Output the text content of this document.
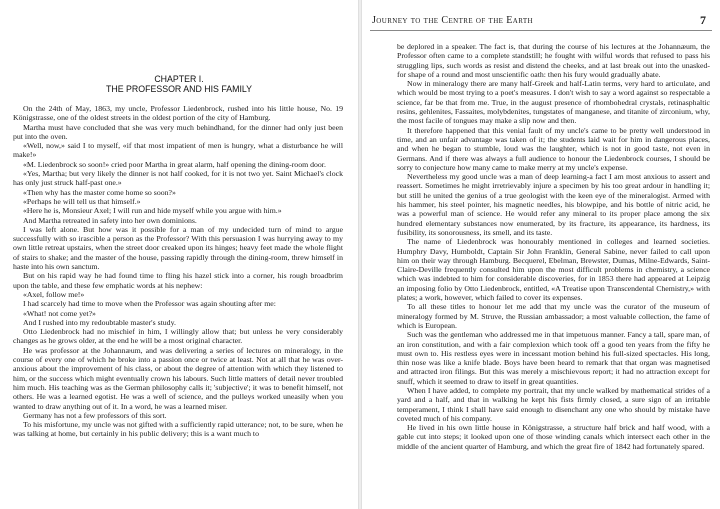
CHAPTER I.
THE PROFESSOR AND HIS FAMILY

On the 24th of May, 1863, my uncle, Professor Liedenbrock, rushed into his little house, No. 19 Königstrasse, one of the oldest streets in the oldest portion of the city of Hamburg.

Martha must have concluded that she was very much behindhand, for the dinner had only just been put into the oven.

«Well, now,» said I to myself, «if that most impatient of men is hungry, what a disturbance he will make!»

«M. Liedenbrock so soon!» cried poor Martha in great alarm, half opening the dining-room door.

«Yes, Martha; but very likely the dinner is not half cooked, for it is not two yet. Saint Michael's clock has only just struck half-past one.»

«Then why has the master come home so soon?»

«Perhaps he will tell us that himself.»

«Here he is, Monsieur Axel; I will run and hide myself while you argue with him.»

And Martha retreated in safety into her own dominions.

I was left alone. But how was it possible for a man of my undecided turn of mind to argue successfully with so irascible a person as the Professor? With this persuasion I was hurrying away to my own little retreat upstairs, when the street door creaked upon its hinges; heavy feet made the whole flight of stairs to shake; and the master of the house, passing rapidly through the dining-room, threw himself in haste into his own sanctum.

But on his rapid way he had found time to fling his hazel stick into a corner, his rough broadbrim upon the table, and these few emphatic words at his nephew:

«Axel, follow me!»

I had scarcely had time to move when the Professor was again shouting after me:

«What! not come yet?»

And I rushed into my redoubtable master's study.

Otto Liedenbrock had no mischief in him, I willingly allow that; but unless he very considerably changes as he grows older, at the end he will be a most original character.

He was professor at the Johannæum, and was delivering a series of lectures on mineralogy, in the course of every one of which he broke into a passion once or twice at least. Not at all that he was over-anxious about the improvement of his class, or about the degree of attention with which they listened to him, or the success which might eventually crown his labours. Such little matters of detail never troubled him much. His teaching was as the German philosophy calls it; 'subjective'; it was to benefit himself, not others. He was a learned egotist. He was a well of science, and the pulleys worked uneasily when you wanted to draw anything out of it. In a word, he was a learned miser.

Germany has not a few professors of this sort.

To his misfortune, my uncle was not gifted with a sufficiently rapid utterance; not, to be sure, when he was talking at home, but certainly in his public delivery; this is a want much to

Journey to the Centre of the Earth	7

be deplored in a speaker. The fact is, that during the course of his lectures at the Johannæum, the Professor often came to a complete standstill; he fought with wilful words that refused to pass his struggling lips, such words as resist and distend the cheeks, and at last break out into the unasked-for shape of a round and most unscientific oath: then his fury would gradually abate.

Now in mineralogy there are many half-Greek and half-Latin terms, very hard to articulate, and which would be most trying to a poet's measures. I don't wish to say a word against so respectable a science, far be that from me. True, in the august presence of rhombohedral crystals, retinasphaltic resins, gehlenites, Fassaites, molybdenites, tungstates of manganese, and titanite of zirconium, why, the most facile of tongues may make a slip now and then.

It therefore happened that this venial fault of my uncle's came to be pretty well understood in time, and an unfair advantage was taken of it; the students laid wait for him in dangerous places, and when he began to stumble, loud was the laughter, which is not in good taste, not even in Germans. And if there was always a full audience to honour the Liedenbrock courses, I should be sorry to conjecture how many came to make merry at my uncle's expense.

Nevertheless my good uncle was a man of deep learning-a fact I am most anxious to assert and reassert. Sometimes he might irretrievably injure a specimen by his too great ardour in handling it; but still he united the genius of a true geologist with the keen eye of the mineralogist. Armed with his hammer, his steel pointer, his magnetic needles, his blowpipe, and his bottle of nitric acid, he was a powerful man of science. He would refer any mineral to its proper place among the six hundred elementary substances now enumerated, by its fracture, its appearance, its hardness, its fusibility, its sonorousness, its smell, and its taste.

The name of Liedenbrock was honourably mentioned in colleges and learned societies. Humphry Davy, Humboldt, Captain Sir John Franklin, General Sabine, never failed to call upon him on their way through Hamburg. Becquerel, Ebelman, Brewster, Dumas, Milne-Edwards, Saint-Claire-Deville frequently consulted him upon the most difficult problems in chemistry, a science which was indebted to him for considerable discoveries, for in 1853 there had appeared at Leipzig an imposing folio by Otto Liedenbrock, entitled, «A Treatise upon Transcendental Chemistry,» with plates; a work, however, which failed to cover its expenses.

To all these titles to honour let me add that my uncle was the curator of the museum of mineralogy formed by M. Struve, the Russian ambassador; a most valuable collection, the fame of which is European.

Such was the gentleman who addressed me in that impetuous manner. Fancy a tall, spare man, of an iron constitution, and with a fair complexion which took off a good ten years from the fifty he must own to. His restless eyes were in incessant motion behind his full-sized spectacles. His long, thin nose was like a knife blade. Boys have been heard to remark that that organ was magnetised and attracted iron filings. But this was merely a mischievous report; it had no attraction except for snuff, which it seemed to draw to itself in great quantities.

When I have added, to complete my portrait, that my uncle walked by mathematical strides of a yard and a half, and that in walking he kept his fists firmly closed, a sure sign of an irritable temperament, I think I shall have said enough to disenchant any one who should by mistake have coveted much of his company.

He lived in his own little house in Königstrasse, a structure half brick and half wood, with a gable cut into steps; it looked upon one of those winding canals which intersect each other in the middle of the ancient quarter of Hamburg, and which the great fire of 1842 had fortunately spared.
